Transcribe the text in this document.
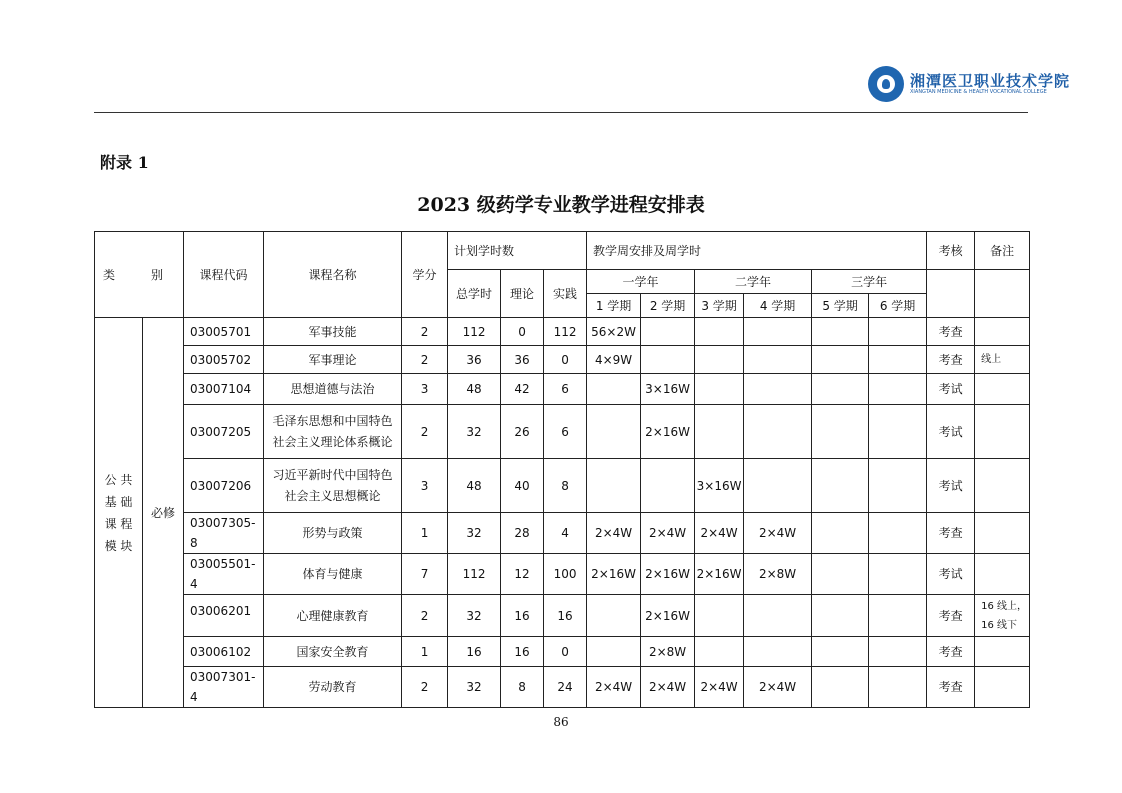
湘潭医卫职业技术学院
XIANGTAN MEDICINE & HEALTH VOCATIONAL COLLEGE
附录 1
2023 级药学专业教学进程安排表
类　别		课程代码	课程名称	学分	计划学时数			教学周安排及周学时						考核	备注
					总学时	理论	实践	一学年		二学年		三学年			
								1 学期	2 学期	3 学期	4 学期	5 学期	6 学期		

公 共
基 础
课 程
模 块	必修	03005701	军事技能	2	112	0	112	56×2W						考查	
		03005702	军事理论	2	36	36	0	4×9W						考查	线上
		03007104	思想道德与法治	3	48	42	6		3×16W					考试	
		03007205	毛泽东思想和中国特色
社会主义理论体系概论	2	32	26	6		2×16W					考试	
		03007206	习近平新时代中国特色
社会主义思想概论	3	48	40	8			3×16W				考试	
		03007305-8	形势与政策	1	32	28	4	2×4W	2×4W	2×4W	2×4W			考查	
		03005501-4	体育与健康	7	112	12	100	2×16W	2×16W	2×16W	2×8W			考试	
		03006201	心理健康教育	2	32	16	16		2×16W					考查	16 线上，
16 线下

		03006102	国家安全教育	1	16	16	0		2×8W					考查	
		03007301-4	劳动教育	2	32	8	24	2×4W	2×4W	2×4W	2×4W			考查	
86
